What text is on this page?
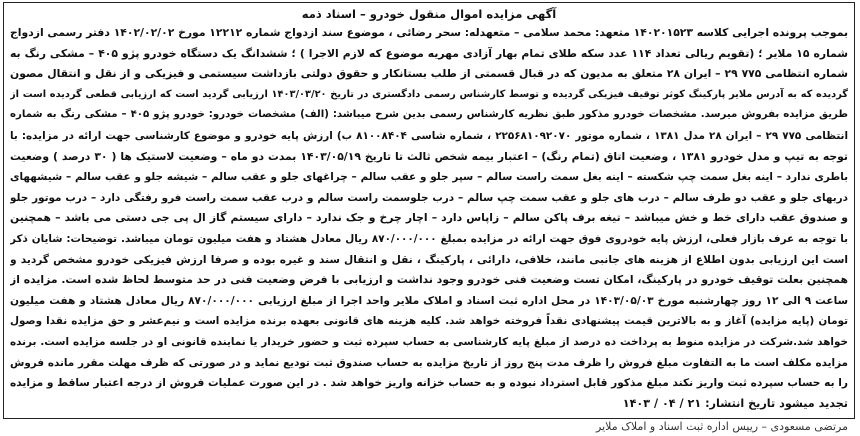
آگهی مزایده اموال منقول خودرو – اسناد ذمه
بموجب پرونده اجرایی کلاسه ۱۴۰۲۰۱۵۲۳ متعهد: محمد سلامی – متعهدله: سحر رضائی ، موضوع سند ازدواج شماره ۱۲۲۱۲ مورخ ۱۴۰۲/۰۲/۰۲ دفتر رسمی ازدواج
شماره ۱۵ ملایر ؛ (تقویم ریالی تعداد ۱۱۴ عدد سکه طلای تمام بهار آزادی مهریه موضوع که لازم الاجرا ) ؛ ششدانگ یک دستگاه خودرو پژو ۴۰۵ – مشکی رنگ به
شماره انتظامی ۷۷۵ ۲۹ – ایران ۲۸ متعلق به مدیون که در قبال قسمتی از طلب بستانکار و حقوق دولتی بازداشت سیستمی و فیزیکی و از نقل و انتقال مصون
گردیده که به آدرس ملایر پارکینگ کوثر توقیف فیزیکی گردیده و توسط کارشناس رسمی دادگستری در تاریخ ۱۴۰۳/۰۳/۲۰ ارزیابی گردید است که ارزیابی قطعی گردیده است از
طریق مزایده بفروش میرسد. مشخصات خودرو مذکور طبق نظریه کارشناس رسمی بدین شرح میباشد: (الف) مشخصات خودرو: خودرو پژو ۴۰۵ – مشکی رنگ به شماره
انتظامی ۷۷۵ ۲۹ – ایران ۲۸ مدل ۱۳۸۱ ، شماره موتور ۲۲۵۶۸۱۰۹۲۰۷۰ ، شماره شاسی ۸۱۰۰۸۴۰۴ ب) ارزش پایه خودرو و موضوع کارشناسی جهت ارائه در مزایده: با
توجه به تیپ و مدل خودرو ۱۳۸۱ ، وضعیت اتاق (تمام رنگ) – اعتبار بیمه شخص ثالث تا تاریخ ۱۴۰۳/۰۵/۱۹ بمدت دو ماه – وضعیت لاستیک ها ( ۳۰ درصد ) وضعیت
باطری ندارد – اینه بغل سمت چپ شکسته – اینه بغل سمت راست سالم – سپر جلو و عقب سالم – چراغهای جلو و عقب سالم – شیشه جلو و عقب سالم – شیشههای
دربهای جلو و عقب دو طرف سالم – درب های جلو و عقب سمت چپ سالم – درب جلوسمت راست سالم و درب عقب سمت راست فرو رفتگی دارد – درب موتور جلو
و صندوق عقب دارای خط و خش میباشد – تیغه برف پاکن سالم – زاپاس دارد – اچار چرخ و جک ندارد – دارای سیستم گاز ال پی جی دستی می باشد – همچنین
با توجه به عرف بازار فعلی، ارزش پایه خودروی فوق جهت ارائه در مزایده بمبلغ ۸۷۰/۰۰۰/۰۰۰ ریال معادل هشتاد و هفت میلیون تومان میباشد. توضیحات: شایان ذکر
است این ارزیابی بدون اطلاع از هزینه های جانبی مانند، خلافی، دارائی ، پارکینگ ، نقل و انتقال سند و غیره بوده و صرفا ارزش فیزیکی خودرو مشخص گردید و
همچنین بعلت توقیف خودرو در پارکینگ، امکان تست وضعیت فنی خودرو وجود نداشت و ارزیابی با فرض وضعیت فنی در حد متوسط لحاظ شده است. مزایده از
ساعت ۹ الی ۱۲ روز چهارشنبه مورخ ۱۴۰۳/۰۵/۰۳ در محل اداره ثبت اسناد و املاک ملایر واحد اجرا از مبلغ ارزیابی ۸۷۰/۰۰۰/۰۰۰ ریال معادل هشتاد و هفت میلیون
تومان (پایه مزایده) آغاز و به بالاترین قیمت پیشنهادی نقداً فروخته خواهد شد. کلیه هزینه های قانونی بعهده برنده مزایده است و نیم‌عشر و حق مزایده نقدا وصول
خواهد شد.شرکت در مزایده منوط به پرداخت ده درصد از مبلغ پایه کارشناسی به حساب سپرده ثبت و حضور خریدار یا نماینده قانونی او در جلسه مزایده است. برنده
مزایده مکلف است ما به التفاوت مبلغ فروش را ظرف مدت پنج روز از تاریخ مزایده به حساب صندوق ثبت تودیع نماید و در صورتی که ظرف مهلت مقرر مانده فروش
را به حساب سپرده ثبت واریز نکند مبلغ مذکور قابل استرداد نبوده و به حساب خزانه واریز خواهد شد . در این صورت عملیات فروش از درجه اعتبار ساقط و مزایده
تجدید میشود تاریخ انتشار: ۲۱ / ۰۴ / ۱۴۰۳
مرتضی مسعودی – رییس اداره ثبت اسناد و املاک ملایر
